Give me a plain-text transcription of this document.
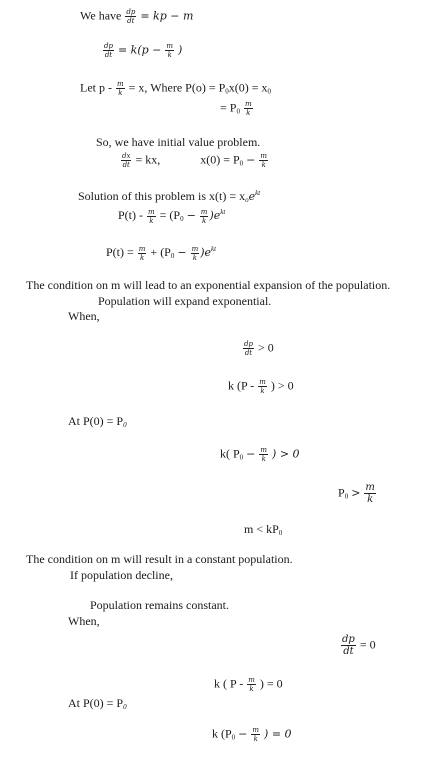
We have $\frac{dp}{dt}$ = kp − m
$\frac{dp}{dt} = k(p - \frac{m}{k}$ )
Let $p - \frac{m}{k} = x$, Where $P(o) = P_0x(0) = x_0$
= $P_0 \frac{m}{k}$
So, we have initial value problem.
$\frac{dx}{dt}$ = kx,	$x(0) = P_0 - \frac{m}{k}$
Solution of this problem is $x(t) = x_oe^{kt}$
$P(t) - \frac{m}{k} = (P_0 - \frac{m}{k} )e^{kt}$
$P(t) = \frac{m}{k} + (P_0 - \frac{m}{k} )e^{kt}$
The condition on m will lead to an exponential expansion of the population.
Population will expand exponential.
When,
$\frac{dp}{dt} > 0$
k ($P - \frac{m}{k}$ ) > 0
At $P(0) = P_0$
k( $P_0 - \frac{m}{k}$ ) > 0
$P_0 > \frac{m}{k}$
$m < kP_0$
The condition on m will result in a constant population.
If population decline,
Population remains constant.
When,
$\frac{dp}{dt} = 0$
k ( P - $\frac{m}{k}$ ) = 0
At $P(0) = P_0$
k ($P_0 - \frac{m}{k}$ ) = 0
